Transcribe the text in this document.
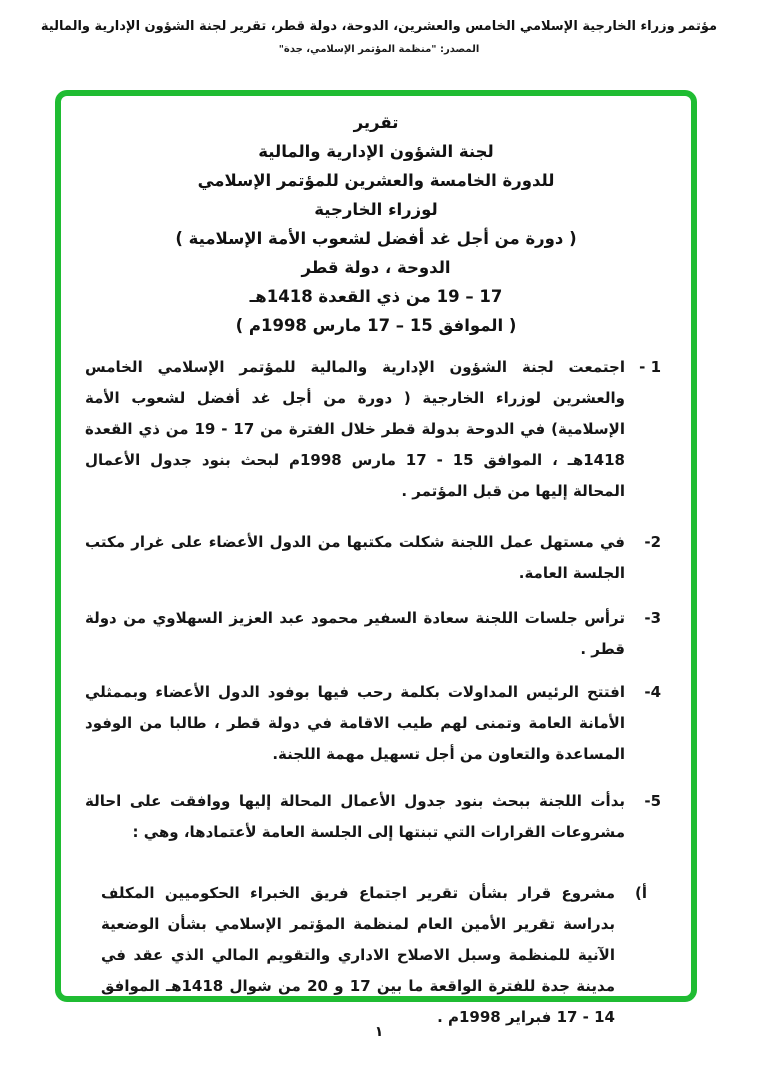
مؤتمر وزراء الخارجية الإسلامي الخامس والعشرين، الدوحة، دولة قطر، تقرير لجنة الشؤون الإدارية والمالية
المصدر: "منظمة المؤتمر الإسلامي، جدة"
تقرير
لجنة الشؤون الإدارية والمالية
للدورة الخامسة والعشرين للمؤتمر الإسلامي
لوزراء الخارجية
( دورة من أجل غد أفضل لشعوب الأمة الإسلامية )
الدوحة ، دولة قطر
17 – 19 من ذي القعدة 1418هـ
( الموافق 15 – 17 مارس 1998م )
1 -
اجتمعت لجنة الشؤون الإدارية والمالية للمؤتمر الإسلامي الخامس والعشرين لوزراء الخارجية ( دورة من أجل غد أفضل لشعوب الأمة الإسلامية) في الدوحة بدولة قطر خلال الفترة من 17 - 19 من ذي القعدة 1418هـ ، الموافق 15 - 17 مارس 1998م لبحث بنود جدول الأعمال المحالة إليها من قبل المؤتمر .
2-
في مستهل عمل اللجنة شكلت مكتبها من الدول الأعضاء على غرار مكتب الجلسة العامة.
3-
ترأس جلسات اللجنة سعادة السفير محمود عبد العزيز السهلاوي من دولة قطر .
4-
افتتح الرئيس المداولات بكلمة رحب فيها بوفود الدول الأعضاء وبممثلي الأمانة العامة وتمنى لهم طيب الاقامة في دولة قطر ، طالبا من الوفود المساعدة والتعاون من أجل تسهيل مهمة اللجنة.
5-
بدأت اللجنة ببحث بنود جدول الأعمال المحالة إليها ووافقت على احالة مشروعات القرارات التي تبنتها إلى الجلسة العامة لأعتمادها، وهي :
أ)
مشروع قرار بشأن تقرير اجتماع فريق الخبراء الحكوميين المكلف بدراسة تقرير الأمين العام لمنظمة المؤتمر الإسلامي بشأن الوضعية الآنية للمنظمة وسبل الاصلاح الاداري والتقويم المالي الذي عقد في مدينة جدة للفترة الواقعة ما بين 17 و 20 من شوال 1418هـ الموافق 14 - 17 فبراير 1998م .
١
